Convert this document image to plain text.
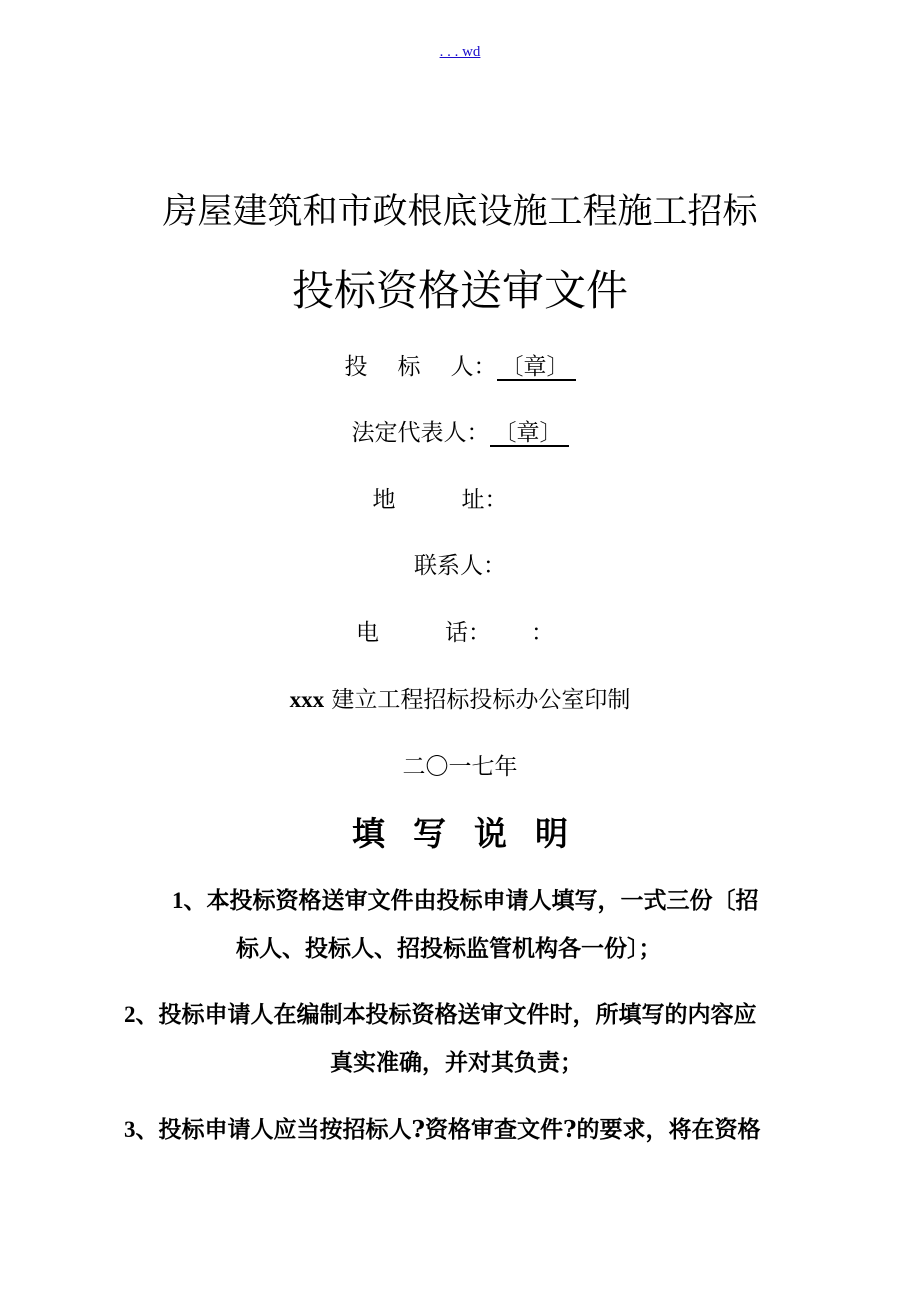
. . . wd
房屋建筑和市政根底设施工程施工招标
投标资格送审文件
投 标 人： 〔章〕
法定代表人： 〔章〕
地	址：
联系人：
电	话： ：
xxx 建立工程招标投标办公室印制
二〇一七年
填 写 说 明
1、本投标资格送审文件由投标申请人填写，一式三份〔招
标人、投标人、招投标监管机构各一份〕；
2、投标申请人在编制本投标资格送审文件时，所填写的内容应
真实准确，并对其负责；
3、投标申请人应当按招标人?资格审查文件?的要求，将在资格
